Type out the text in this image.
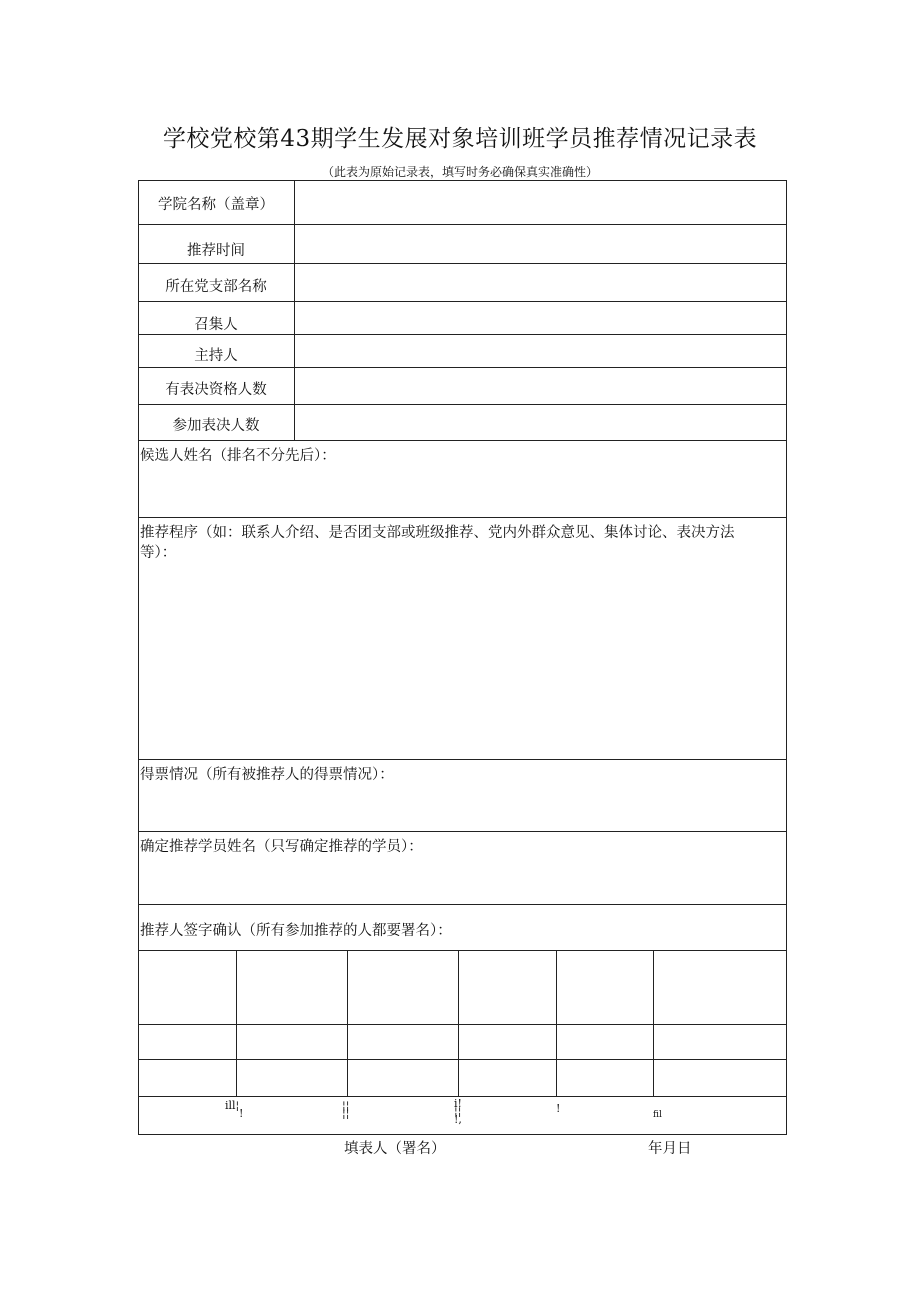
学校党校第43期学生发展对象培训班学员推荐情况记录表
（此表为原始记录表，填写时务必确保真实准确性）
学院名称（盖章）
推荐时间
所在党支部名称
召集人
主持人
有表决资格人数
参加表决人数
候选人姓名（排名不分先后）：
推荐程序（如：联系人介绍、是否团支部或班级推荐、党内外群众意见、集体讨论、表决方法
等）：
得票情况（所有被推荐人的得票情况）：
确定推荐学员姓名（只写确定推荐的学员）：
推荐人签字确认（所有参加推荐的人都要署名）：
ill¦
!
¦¦
¦¦
i!
¦¦
!,
!	fil
填表人（署名）	年月日
